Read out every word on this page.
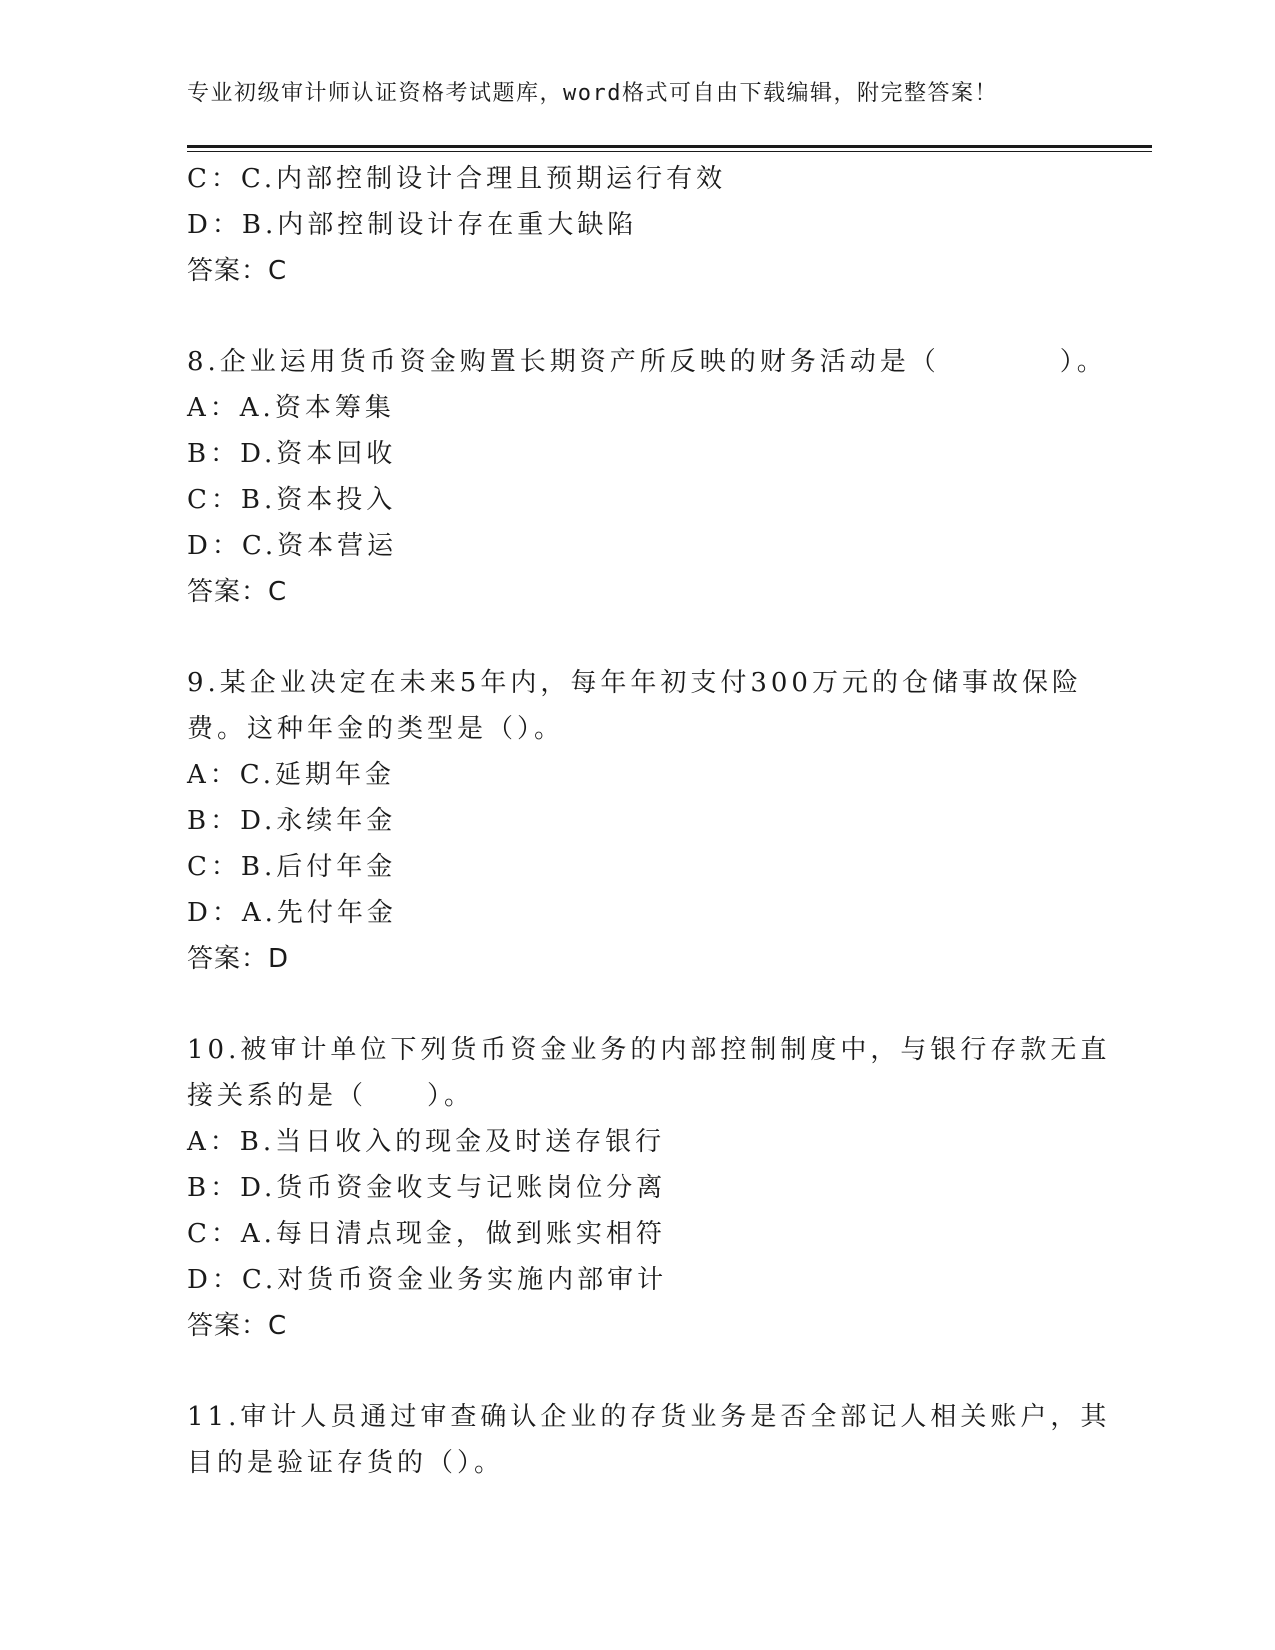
专业初级审计师认证资格考试题库，word格式可自由下载编辑，附完整答案！
C：C.内部控制设计合理且预期运行有效
D：B.内部控制设计存在重大缺陷
答案：C
8.企业运用货币资金购置长期资产所反映的财务活动是（　　　　）。
A：A.资本筹集
B：D.资本回收
C：B.资本投入
D：C.资本营运
答案：C
9.某企业决定在未来5年内，每年年初支付300万元的仓储事故保险
费。这种年金的类型是（）。
A：C.延期年金
B：D.永续年金
C：B.后付年金
D：A.先付年金
答案：D
10.被审计单位下列货币资金业务的内部控制制度中，与银行存款无直
接关系的是（　　）。
A：B.当日收入的现金及时送存银行
B：D.货币资金收支与记账岗位分离
C：A.每日清点现金，做到账实相符
D：C.对货币资金业务实施内部审计
答案：C
11.审计人员通过审查确认企业的存货业务是否全部记人相关账户，其
目的是验证存货的（）。
